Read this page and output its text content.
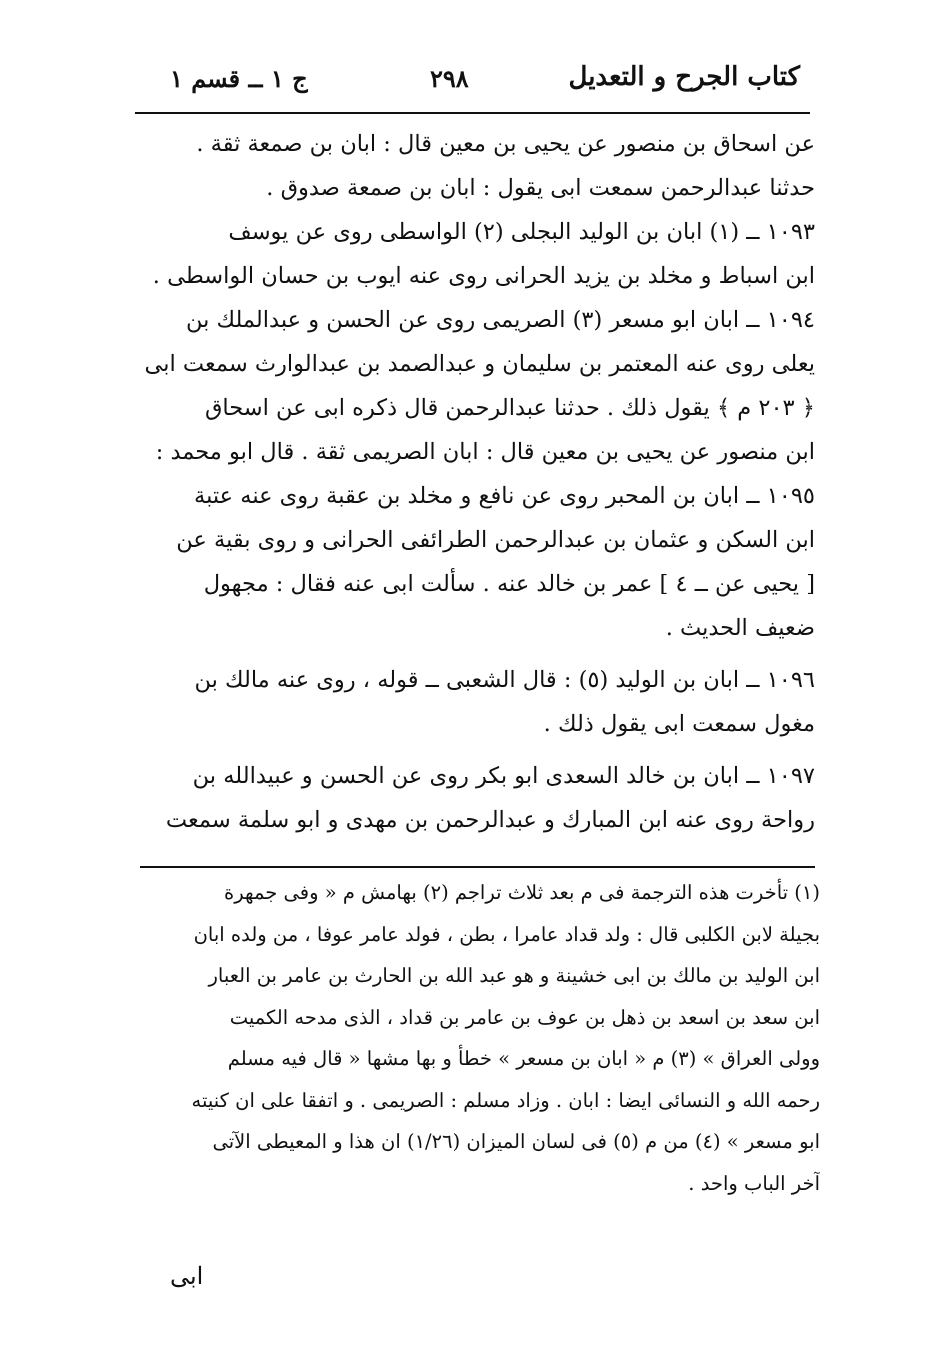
كتاب الجرح و التعديل
٢٩٨
ج ١ ــ قسم ١
عن اسحاق بن منصور عن يحيى بن معين قال : ابان بن صمعة ثقة .
حدثنا عبدالرحمن سمعت ابى يقول : ابان بن صمعة صدوق .
١٠٩٣ ــ (١) ابان بن الوليد البجلى (٢) الواسطى روى عن يوسف
ابن اسباط و مخلد بن يزيد الحرانى روى عنه ايوب بن حسان الواسطى .
١٠٩٤ ــ ابان ابو مسعر (٣) الصريمى روى عن الحسن و عبدالملك بن
يعلى روى عنه المعتمر بن سليمان و عبدالصمد بن عبدالوارث سمعت ابى
﴿ ٢٠٣ م ﴾ يقول ذلك . حدثنا عبدالرحمن قال ذكره ابى عن اسحاق
ابن منصور عن يحيى بن معين قال : ابان الصريمى ثقة . قال ابو محمد :
١٠٩٥ ــ ابان بن المحبر روى عن نافع و مخلد بن عقبة روى عنه عتبة
ابن السكن و عثمان بن عبدالرحمن الطرائفى الحرانى و روى بقية عن
[ يحيى عن ــ ٤ ] عمر بن خالد عنه . سألت ابى عنه فقال : مجهول
ضعيف الحديث .
١٠٩٦ ــ ابان بن الوليد (٥) : قال الشعبى ــ قوله ، روى عنه مالك بن
مغول سمعت ابى يقول ذلك .
١٠٩٧ ــ ابان بن خالد السعدى ابو بكر روى عن الحسن و عبيدالله بن
رواحة روى عنه ابن المبارك و عبدالرحمن بن مهدى و ابو سلمة سمعت
(١) تأخرت هذه الترجمة فى م بعد ثلاث تراجم (٢) بهامش م « وفى جمهرة
بجيلة لابن الكلبى قال : ولد قداد عامرا ، بطن ، فولد عامر عوفا ، من ولده ابان
ابن الوليد بن مالك بن ابى خشينة و هو عبد الله بن الحارث بن عامر بن العبار
ابن سعد بن اسعد بن ذهل بن عوف بن عامر بن قداد ، الذى مدحه الكميت
وولى العراق » (٣) م « ابان بن مسعر » خطأ و بها مشها « قال فيه مسلم
رحمه الله و النسائى ايضا : ابان . وزاد مسلم : الصريمى . و اتفقا على ان كنيته
ابو مسعر » (٤) من م (٥) فى لسان الميزان (١/٢٦) ان هذا و المعيطى الآتى
آخر الباب واحد .
ابى
